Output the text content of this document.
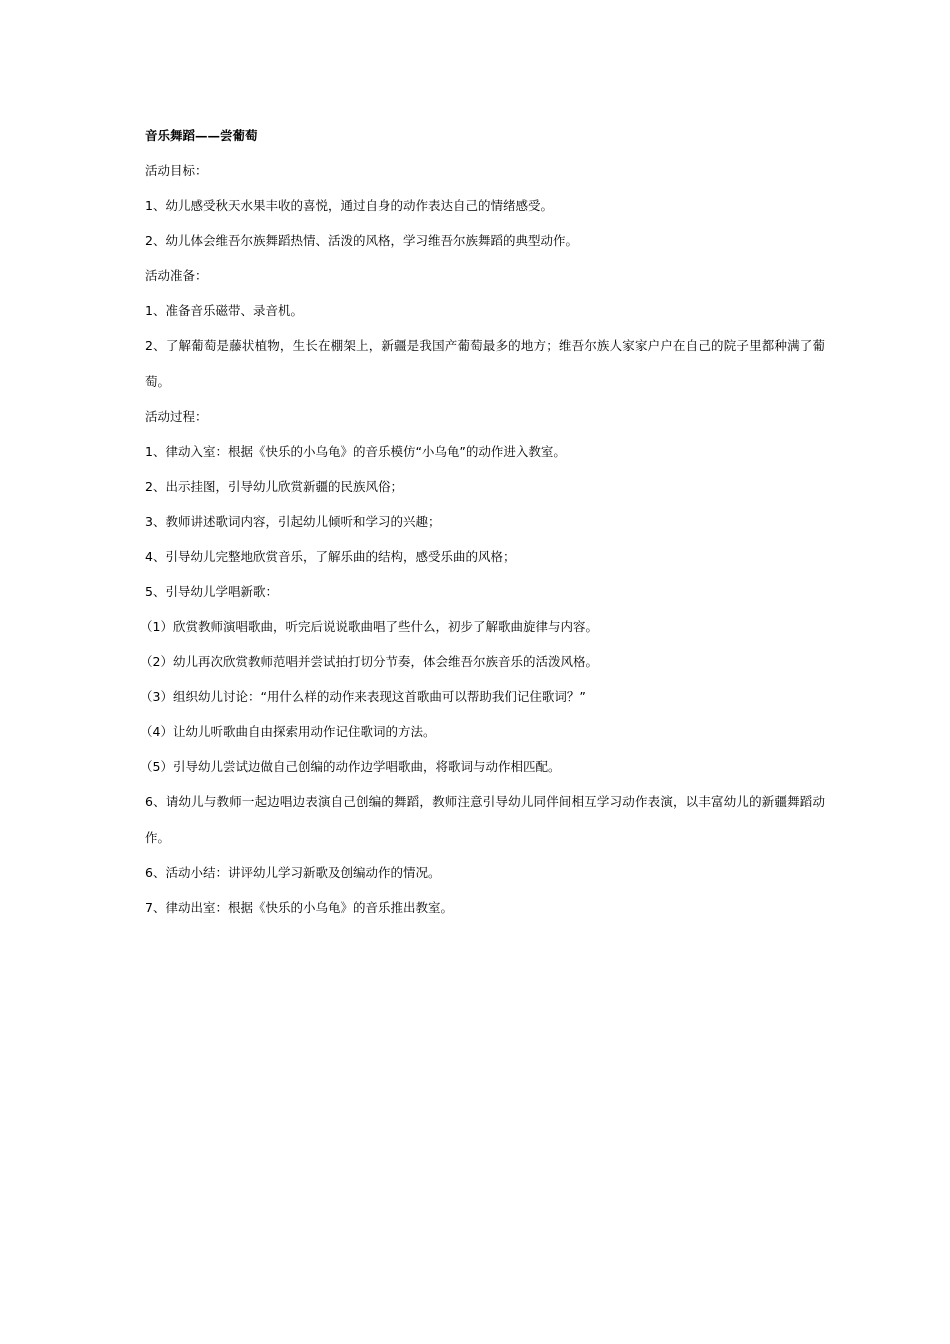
音乐舞蹈——尝葡萄
活动目标：
1、幼儿感受秋天水果丰收的喜悦，通过自身的动作表达自己的情绪感受。
2、幼儿体会维吾尔族舞蹈热情、活泼的风格，学习维吾尔族舞蹈的典型动作。
活动准备：
1、准备音乐磁带、录音机。
2、了解葡萄是藤状植物，生长在棚架上，新疆是我国产葡萄最多的地方；维吾尔族人家家户户在自己的院子里都种满了葡萄。
活动过程：
1、律动入室：根据《快乐的小乌龟》的音乐模仿“小乌龟”的动作进入教室。
2、出示挂图，引导幼儿欣赏新疆的民族风俗；
3、教师讲述歌词内容，引起幼儿倾听和学习的兴趣；
4、引导幼儿完整地欣赏音乐，了解乐曲的结构，感受乐曲的风格；
5、引导幼儿学唱新歌：
（1）欣赏教师演唱歌曲，听完后说说歌曲唱了些什么，初步了解歌曲旋律与内容。
（2）幼儿再次欣赏教师范唱并尝试拍打切分节奏，体会维吾尔族音乐的活泼风格。
（3）组织幼儿讨论：“用什么样的动作来表现这首歌曲可以帮助我们记住歌词？”
（4）让幼儿听歌曲自由探索用动作记住歌词的方法。
（5）引导幼儿尝试边做自己创编的动作边学唱歌曲，将歌词与动作相匹配。
6、请幼儿与教师一起边唱边表演自己创编的舞蹈，教师注意引导幼儿同伴间相互学习动作表演，以丰富幼儿的新疆舞蹈动作。
6、活动小结：讲评幼儿学习新歌及创编动作的情况。
7、律动出室：根据《快乐的小乌龟》的音乐推出教室。
